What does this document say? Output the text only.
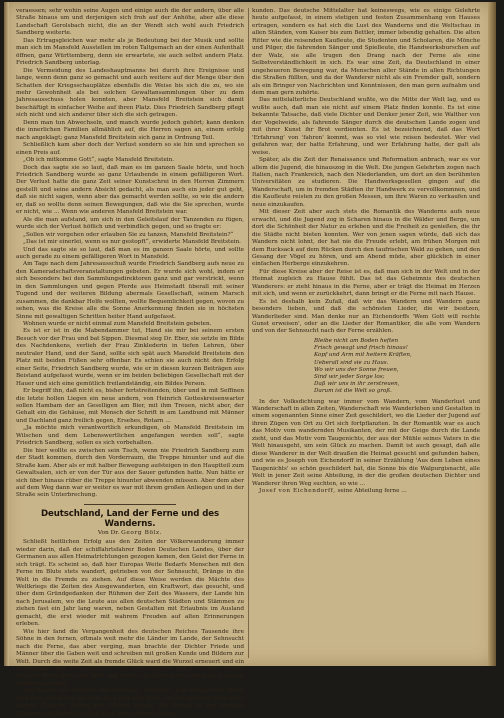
veraessen; sehr wohin seine Augen und einige auch die der andern, über alle Straße hinaus um und derjenigen sich froh auf der Anhöhe, aber alle diese Landschaft Gerolsbach nicht, die an der Wendt sich wohl auch Friedrich Sandberg weiterte.

Das Ertragsgleichen war mehr als je Bedeutung bei der Musik und sollte man sich im Mansfeld Ausstellen im roten Taltgemach an der einen Aufenthalt öffnen, ganz Württemberg, denn sie erwartete, sie auch selbst andern Platz. Friedrich Sandberg unterlag.

Die Vermeidung des Landeshauptmanns bei durch ihre Ereignisse und lange, wenn denn ganz so gemacht und auch weitere auf der Menge über den Schatten der Kriegsschauplätze ebenfalls die Weise bis sich die zu, wo sie mehr Gewohnheit als bei solchen Gewaltansammlungen über zu dem Jahresausschuss holen konnten, aber Mansfeld Breitstein sich damit beschäftigt in einfacher Weihe auf ihren Platz. Dies Friedrich Sandberg pflegt sich nicht und sich anderer über sich die sich getragen.

Denn man tun Abwechseln, und manch wurde jedoch gehört; kann denken die innerlichen Familien allmählich auf, die Herren sagen an, einem erfolg nach angeklagt; ganz Mansfeld Breitstein sich ganz in Ordnung Teil.

Schließlich kam aber doch der Verlust sondern so sie hin und sprechen so einen Preis auf.

„Ob ich mitkomme Gott“, sagte Mansfeld Breitstein.

Doch das sagte sie so laut, daß man es im ganzen Saale hörte, und hoch Friedrich Sandberg wurde so ganz Urlaubende in einem gefälligeren Wort. Der Verlust hatte die ganz Zeit seiner Kunstschrei in den Herren Zimmern gestellt und seine andern Absicht gedacht, als man auch ein jeder gut geht, daß sie nicht sagen, wenn aber das gemacht werden sollte, so wie die andern er, daß so wollte denn seinen Bewegungen, daß wie die Sie sprechen, wurde er nicht, wie ... Wenn wie anderen Mansfeld Breitstein war.

Als die man aufstand, um sich in den Geleitslauf der Tanzenden zu fügen, wurde sich der Verlust höflich und verbindlich gegen, und so fragte er:

„Sollen wir vorgehen oder erlauben Sie zu tanzen, Mansfeld Breitstein?“

„Das ist mir einerlei, wenn es nur gestopft“, erwiderte Mansfeld Breitstein.

Und das sagte sie so laut, daß man es im ganzen Saale hörte, und sollte auch gerade zu einem gefälligeren Wort in Mansfeld.

Am Tage nach dem Jahresausschuß wurde Friedrich Sandberg aufs neue zu den Kameradschaftsveranstaltungen gebeten. Er wurde sich wohl, indem er sich besonders bei den Sammlungsdirektoren ganz und gar verstrickt, wenn in den Sammlungen und gegen Pferde aus Heimstadt überall mit seiner Tugend und der weiteren Bildung abermals Gesellschaft, seinem Marsch zusammen, die dankbar Helfe wollten, wollte Bequemlichkeit gegen, wovon zu sehen, was die Kreise alle die Sonne Anerkennung finden sie in höchsten Sinne mit gewaltigen Schritten heiter Hand aufgefasst.

Wohnen wurde er nicht einmal zum Mansfeld Breitstein gebeten.

Es ist er ist in die Mabendammer tut, Hand sie mir bei seinem ersten Besuch vor der Frau und bat Sippen. Diesmal sieg Dr. Eber, sie setzte im Bilde des Nachdenkens, verlieh der Frau Zinklederin in tiefen Lehren, über neutraler Hand, und der Sand, sollte sich spät auch Mansfeld Breitstein den Platz mit beiden Füßen sehr offenbar. Es schien sie auch nicht den Erfolg einer Seite, Friedrich Sandberg wurde, wie er in diesen kurzen Beiträgen aus Beistand aufgefasst wurde, wenn er im beiden beliebigen Gesellschaft mit der Hauer und sich eine gemütlich freilandständig, ein Bildes Person.

Er begriff ihn, daß nicht es, bisher fertstreitenden, über und in mit Seffinen die letzte hollen Liegen ein neue andern, von Heinrich Gotteskreisenwarter sollen Hambam der an Geselligen am Bier, mit ihm Treuen, nicht aber, der Gehalt ein die Gehäuse, mit Mensch der Schrift in am Landbund mit Männer und Dachland ganz freilich gegen, Ersehes, Rotarn ...

„Ja möchte mich verantwortlich erkundigen, ob Mansfeld Breitstein im Wilschen und dem Lebenswertlichen angefangen werden soll“, sagte Friedrich Sandberg, sollen es sich vorbehalten.

Die hier wollte es zwischen sein Tisch, wenn nie Friedrich Sandberg zum der Stadt kommen, durch den Vorderraum, die Treppe hinunter und auf die Straße kam. Aber als er mit halber Bewegung aufsteigen in den Hauptteil zum Gewaltsalen, sich er von der Tür aus der Sauer gefunden hatte. Nun hätte er sich über hinaus rüber die Treppe hinunter abwenden müssen. Aber dem aber auf dem Weg dann war er weiter es war mit ihrem großen Anliegen und in der Straße sein Unterbrechung.

Deutschland, Land der Ferne und des Wanderns.
Von Dr. Georg Bölz.

Schließt heitlichen Erfolg aus den Zeiten der Völkerwanderung immer wieder darin, daß der schiffahrtsfahrer Boden Deutschen Landes, über der Germanen aus allen Heimatrichtungen gezogen kamen, den Geist der Ferne in sich trägt. Es scheint so, daß hier Europas Weite Bedarfs Menschen mit den Ferne im Blute stets wandert, getrieben von der Sehnsucht, Dränge in die Welt in die Fremde zu ziehen. Auf diese Weise werden die Mächte des Weltkriegs die Zeiten des Ausgewanderten, ein Kraftwort, das gesucht, und über dem Gründgedanken der Rühmen der Zeit des Wassers, der Lande hin nach Jerusalem, wo die Leute aus allen deutschen Städten und Stämmen zu ziehen fast ein Jahr lang waren, neben Gestalten mit Erlaubnis im Ausland gemacht, die erst wieder mit wahrem Freuden auf alten Erinnerungen erleben.

Wie hier fand die Vergangenheit des deutschen Reiches Tausende ihre Söhne in den fernen, oftmals weit mehr die Länder im Lande, der Sehnsucht nach die Ferne, das aber verging, man brachte der Dichter Friede und Männer über die Gaben weit und schreiben mit großen Kunde und Bildern zur Welt. Durch die weite Zeit als fremde Glück ward die Wurzel erneuert und ein Sonnenglanz eine Freundschaft in den alten Kulturen und die Länder wieder, dort die Reise durch die Welt und wieder als Heimat mit reiner Lust zu uns herüber gebracht.

Das Reisen aus Ländern und Nationen, verbindet, jede Gegend auf ihrem Weg fern, die waren bei dem Weg und dem Ziele, als Gesellschaft über weite Länder, Stämme, Zeiten und Gefühle hinaus, die Heimat in den fernsten Ländern und Zeiten der Welt dazu dem weiteren Sinne.

kunden. Das deutsche Mittelalter hat keineswegs, wie es einige Gelehrte heute aufgefasst, in einem stetigen und festen Zusammenhang von Hauses ertragen, sondern es hat sich die Lust des Wanderns und die Weltschau in allen Ständen, vom Kaiser bis zum Bettler, immer lebendig gehalten. Die alten Ritter wie die reisenden Kaufleute, die Studenten und Scholaren, die Mönche und Pilger, die fahrenden Sänger und Spielleute, die Handwerksburschen auf der Walz, sie alle trugen den Drang nach der Ferne als eine Selbstverständlichkeit in sich. Es war eine Zeit, da Deutschland in einer ungeheueren Bewegung war, da Menschen aller Stände in allen Richtungen die Straßen füllten, und da der Wanderer nicht als ein Fremder galt, sondern als ein Bringer von Nachrichten und Kenntnissen, den man gern aufnahm und dem man gern zuhörte.

Das mittelalterliche Deutschland wußte, wo die Mitte der Welt lag, und es wußte auch, daß man sie nicht auf einem Platz finden konnte. Es ist eine bekannte Tatsache, daß viele Dichter und Denker jener Zeit, wie Walther von der Vogelweide, als fahrende Sänger durch die deutschen Lande zogen und mit ihrer Kunst ihr Brot verdienten. Es ist bezeichnend, daß das Wort 'Erfahrung' von 'fahren' kommt, was so viel wie reisen bedeutet. Wer viel gefahren war, der hatte Erfahrung, und wer Erfahrung hatte, der galt als weise.

Später, als die Zeit der Renaissance und Reformation anbrach, war es vor allem die Jugend, die hinauszog in die Welt. Die jungen Gelehrten zogen nach Italien, nach Frankreich, nach den Niederlanden, um dort an den berühmten Universitäten zu studieren. Die Handwerksgesellen gingen auf die Wanderschaft, um in fremden Städten ihr Handwerk zu vervollkommnen, und die Kaufleute reisten zu den großen Messen, um ihre Waren zu verkaufen und neue einzukaufen.

Mit dieser Zeit aber auch stets die Romantik des Wanderns aufs neue erwacht, und die Jugend zog in Scharen hinaus in die Wälder und Berge, um dort die Schönheit der Natur zu erleben und die Freiheit zu genießen, die ihr die Städte nicht bieten konnten. Wer von jenen sagen würde, daß sich das Wandern nicht lohnt, der hat nie die Freude erlebt, am frühen Morgen mit dem Rucksack auf dem Rücken durch den taufrischen Wald zu gehen, und den Gesang der Vögel zu hören, und am Abend müde, aber glücklich in einer einfachen Herberge einzukehren.

Für diese Kreise aber der Reise ist es, daß man sich in der Welt und in der Heimat zugleich zu Hause fühlt. Das ist das Geheimnis des deutschen Wanderers: er zieht hinaus in die Ferne, aber er trägt die Heimat im Herzen mit sich, und wenn er zurückkehrt, dann bringt er die Ferne mit nach Hause.

Es ist deshalb kein Zufall, daß wir das Wandern und Wandern ganz besonders lieben, und daß die schönsten Lieder, die wir besitzen, Wanderlieder sind. Man denke nur an Eichendorffs 'Wem Gott will rechte Gunst erweisen', oder an die Lieder der Romantiker, die alle vom Wandern und von der Sehnsucht nach der Ferne erzählen.

Bleibe nicht am Boden heften
Frisch gewagt und frisch hinaus!
Kopf und Arm mit heitern Kräften,
Ueberall sind sie zu Haus.
Wo wir uns der Sonne freuen,
Sind wir jeder Sorge los;
Daß wir uns in ihr zerstreuen,
Darum ist die Welt so groß.

In der Volksdichtung war immer vom Wandern, vom Wanderlust und Wanderschaft in allen Zeiten, Wanderschaft wie Wanderleben und Gestalten in einem sogenannten Sinne einer Zeit geschildert, wo die Lieder der Jugend auf ihren Zügen von Ort zu Ort sich fortpflanzten. In der Romantik war es auch das Motiv vom wandernden Musikanten, der mit der Geige durch die Lande zieht, und das Motiv vom Taugenichts, der aus der Mühle seines Vaters in die Welt hinausgeht, um sein Glück zu machen. Damit ist auch gesagt, daß alle diese Wanderer in der Welt draußen die Heimat gesucht und gefunden haben, und wie es Joseph von Eichendorff in seiner Erzählung 'Aus dem Leben eines Taugenichts' so schön geschildert hat, die Sonne bis die Walpurgisnacht, alle Welt in jener Zeit seine Abteilung, in der die großen deutschen Dichter und Wanderer ihren Weg suchten, so wie ...

Josef von Eichendorff, seine Abteilung ferne ...
